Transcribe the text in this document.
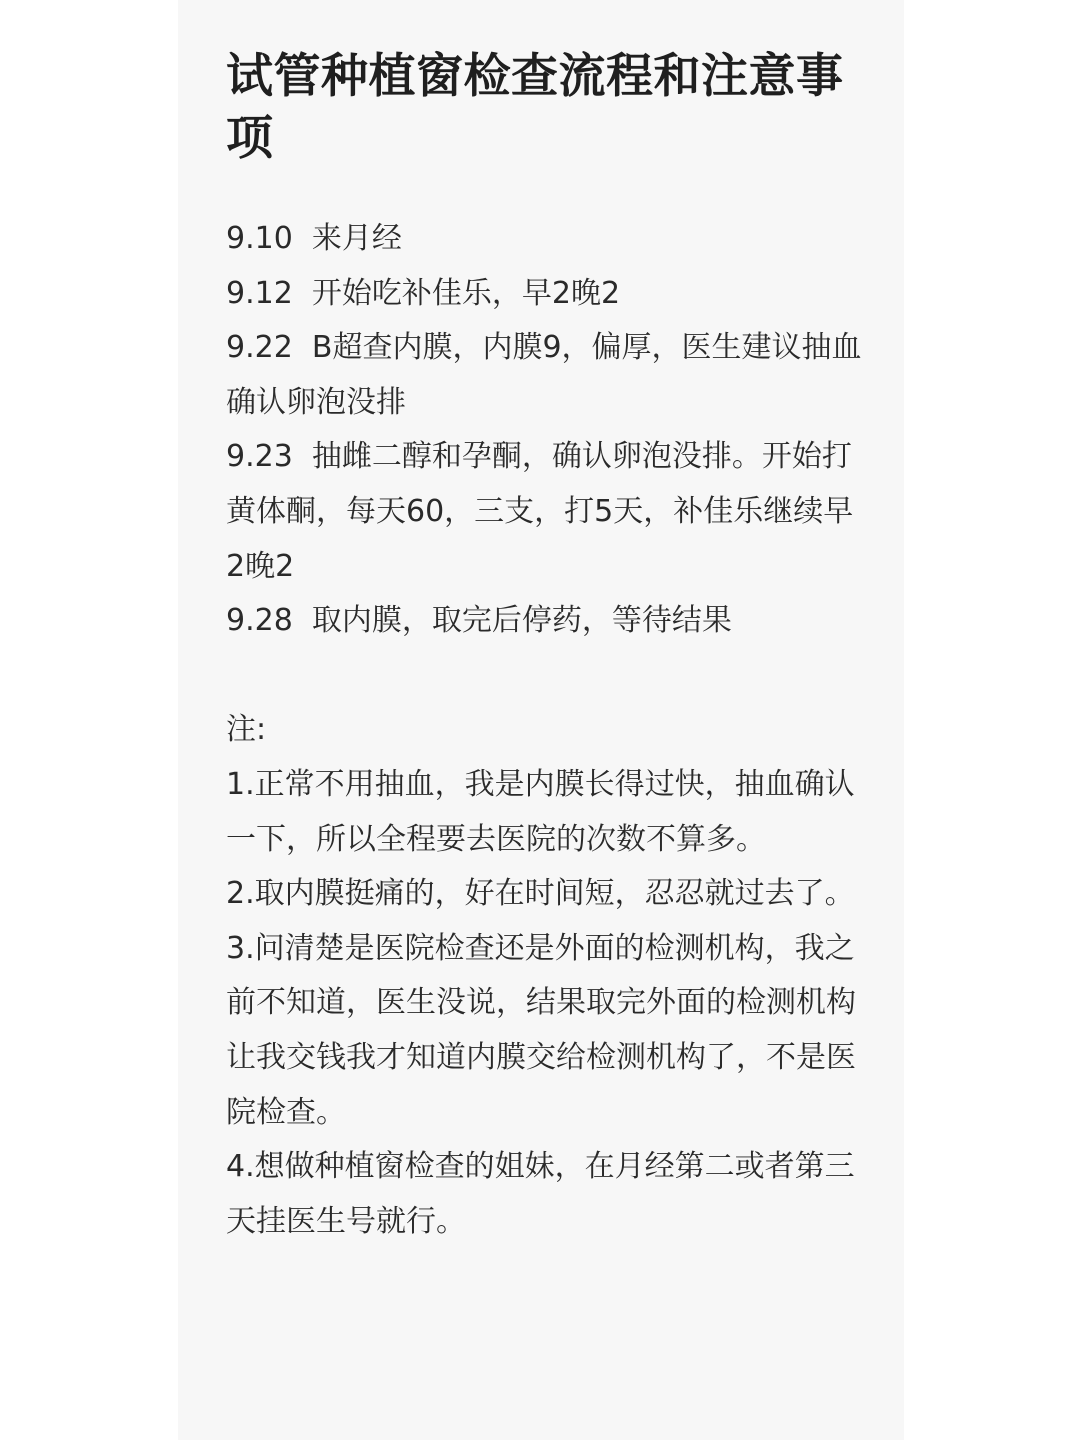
试管种植窗检查流程和注意事项
9.10  来月经
9.12  开始吃补佳乐，早2晚2
9.22  B超查内膜，内膜9，偏厚，医生建议抽血确认卵泡没排
9.23  抽雌二醇和孕酮，确认卵泡没排。开始打黄体酮，每天60，三支，打5天，补佳乐继续早2晚2
9.28  取内膜，取完后停药，等待结果
注:
1.正常不用抽血，我是内膜长得过快，抽血确认一下，所以全程要去医院的次数不算多。
2.取内膜挺痛的，好在时间短，忍忍就过去了。
3.问清楚是医院检查还是外面的检测机构，我之前不知道，医生没说，结果取完外面的检测机构让我交钱我才知道内膜交给检测机构了，不是医院检查。
4.想做种植窗检查的姐妹，在月经第二或者第三天挂医生号就行。
